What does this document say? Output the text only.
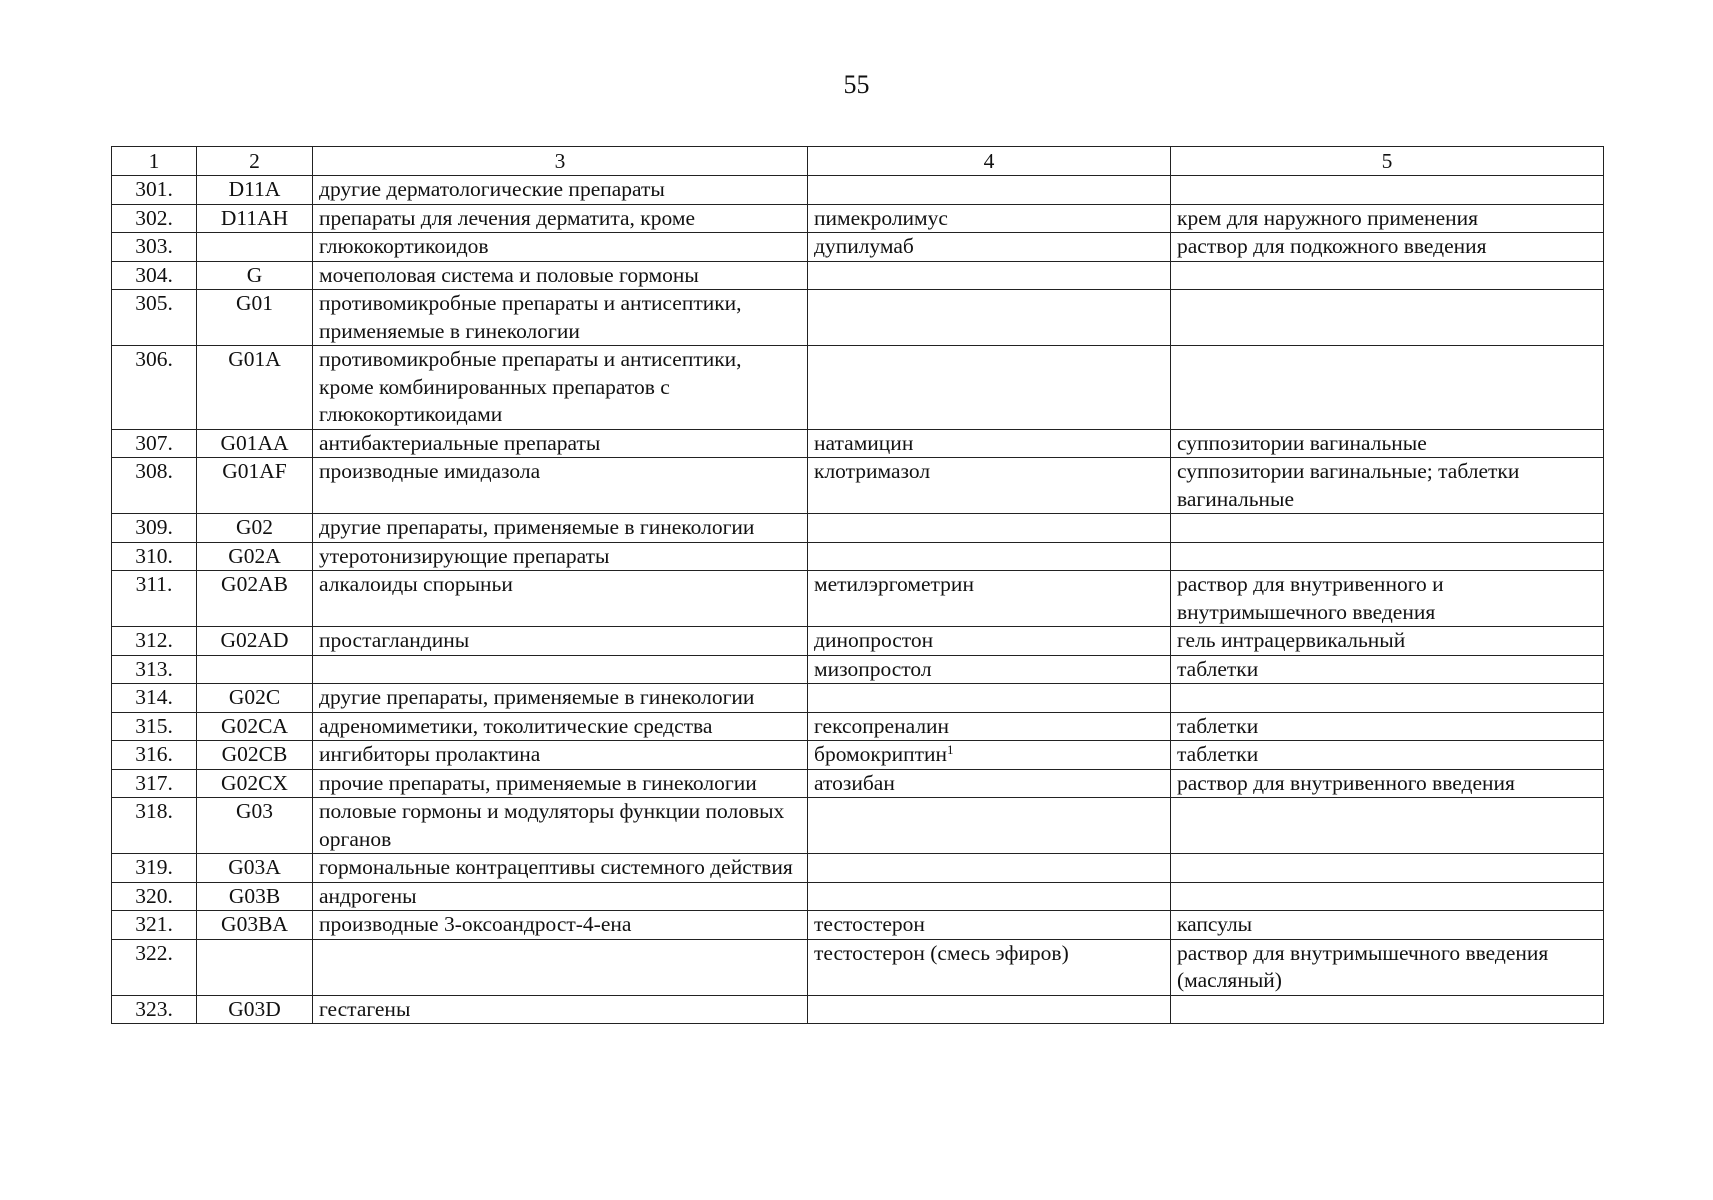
55
1	2	3	4	5
301.	D11A	другие дерматологические препараты		
302.	D11AH	препараты для лечения дерматита, кроме	пимекролимус	крем для наружного применения
303.		глюкокортикоидов	дупилумаб	раствор для подкожного введения
304.	G	мочеполовая система и половые гормоны		
305.	G01	противомикробные препараты и антисептики, применяемые в гинекологии		
306.	G01A	противомикробные препараты и антисептики, кроме комбинированных препаратов с глюкокортикоидами		
307.	G01AA	антибактериальные препараты	натамицин	суппозитории вагинальные
308.	G01AF	производные имидазола	клотримазол	суппозитории вагинальные; таблетки вагинальные
309.	G02	другие препараты, применяемые в гинекологии		
310.	G02A	утеротонизирующие препараты		
311.	G02AB	алкалоиды спорыньи	метилэргометрин	раствор для внутривенного и внутримышечного введения
312.	G02AD	простагландины	динопростон	гель интрацервикальный
313.			мизопростол	таблетки
314.	G02C	другие препараты, применяемые в гинекологии		
315.	G02CA	адреномиметики, токолитические средства	гексопреналин	таблетки
316.	G02CB	ингибиторы пролактина	бромокриптин$^1$	таблетки
317.	G02CX	прочие препараты, применяемые в гинекологии	атозибан	раствор для внутривенного введения
318.	G03	половые гормоны и модуляторы функции половых органов		
319.	G03A	гормональные контрацептивы системного действия		
320.	G03B	андрогены		
321.	G03BA	производные 3-оксоандрост-4-ена	тестостерон	капсулы
322.			тестостерон (смесь эфиров)	раствор для внутримышечного введения (масляный)
323.	G03D	гестагены		
